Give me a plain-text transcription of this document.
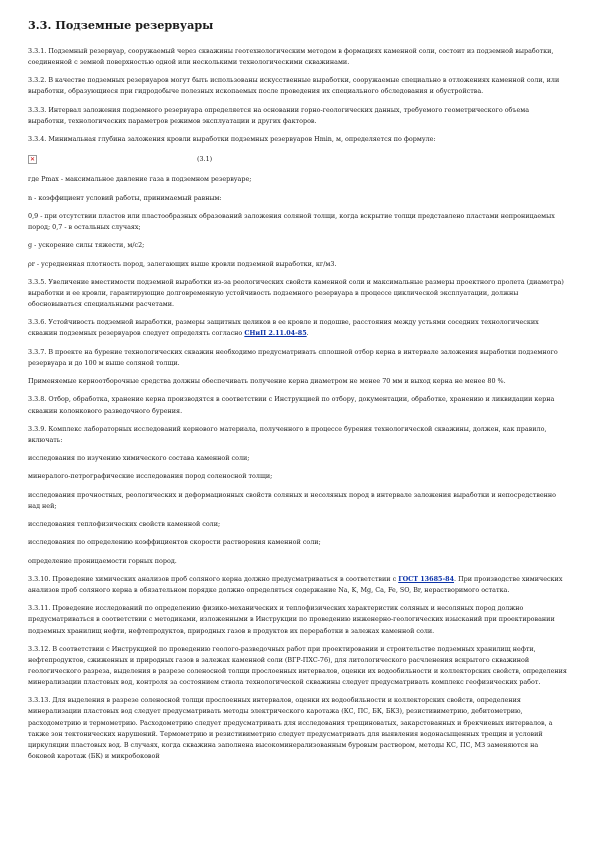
3.3. Подземные резервуары

3.3.1. Подземный резервуар, сооружаемый через скважины геотехнологическим методом в формациях каменной соли, состоит из подземной выработки, соединенной с земной поверхностью одной или несколькими технологическими скважинами.

3.3.2. В качестве подземных резервуаров могут быть использованы искусственные выработки, сооружаемые специально в отложениях каменной соли, или выработки, образующиеся при гидродобыче полезных ископаемых после проведения их специального обследования и обустройства.

3.3.3. Интервал заложения подземного резервуара определяется на основании горно-геологических данных, требуемого геометрического объема выработки, технологических параметров режимов эксплуатации и других факторов.

3.3.4. Минимальная глубина заложения кровли выработки подземных резервуаров Hmin, м, определяется по формуле:

✕	(3.1)

где Pmax - максимальное давление газа в подземном резервуаре;

n - коэффициент условий работы, принимаемый равным:

0,9 - при отсутствии пластов или пластообразных образований заложения соляной толщи, когда вскрытие толщи представлено пластами непроницаемых пород; 0,7 - в остальных случаях;

g - ускорение силы тяжести, м/с2;

ρr - усредненная плотность пород, залегающих выше кровли подземной выработки, кг/м3.

3.3.5. Увеличение вместимости подземной выработки из-за реологических свойств каменной соли и максимальные размеры проектного пролета (диаметра) выработки и ее кровли, гарантирующие долговременную устойчивость подземного резервуара в процессе циклической эксплуатации, должны обосновываться специальными расчетами.

3.3.6. Устойчивость подземной выработки, размеры защитных целиков в ее кровле и подошве, расстояния между устьями соседних технологических скважин подземных резервуаров следует определять согласно СНиП 2.11.04-85.

3.3.7. В проекте на бурение технологических скважин необходимо предусматривать сплошной отбор керна в интервале заложения выработки подземного резервуара и до 100 м выше соляной толщи.

Применяемые керноотборочные средства должны обеспечивать получение керна диаметром не менее 70 мм и выход керна не менее 80 %.

3.3.8. Отбор, обработка, хранение керна производятся в соответствии с Инструкцией по отбору, документации, обработке, хранению и ликвидации керна скважин колонкового разведочного бурения.

3.3.9. Комплекс лабораторных исследований кернового материала, полученного в процессе бурения технологической скважины, должен, как правило, включать:

исследования по изучению химического состава каменной соли;

минералого-петрографические исследования пород соленосной толщи;

исследования прочностных, реологических и деформационных свойств соляных и несоляных пород в интервале заложения выработки и непосредственно над ней;

исследования теплофизических свойств каменной соли;

исследования по определению коэффициентов скорости растворения каменной соли;

определение проницаемости горных пород.

3.3.10. Проведение химических анализов проб соляного керна должно предусматриваться в соответствии с ГОСТ 13685-84. При производстве химических анализов проб соляного керна в обязательном порядке должно определяться содержание Na, K, Mg, Ca, Fe, SO, Br, нерастворимого остатка.

3.3.11. Проведение исследований по определению физико-механических и теплофизических характеристик соляных и несоляных пород должно предусматриваться в соответствии с методиками, изложенными в Инструкции по проведению инженерно-геологических изысканий при проектировании подземных хранилищ нефти, нефтепродуктов, природных газов в продуктов их переработки в залежах каменной соли.

3.3.12. В соответствии с Инструкцией по проведению геолого-разведочных работ при проектировании и строительстве подземных хранилищ нефти, нефтепродуктов, сжиженных и природных газов в залежах каменной соли (ВГР-ПХС-76), для литологического расчленения вскрытого скважиной геологического разреза, выделения в разрезе соленосной толщи прослоенных интервалов, оценки их водообильности и коллекторских свойств, определения минерализации пластовых вод, контроля за состоянием ствола технологической скважины следует предусматривать комплекс геофизических работ.

3.3.13. Для выделения в разрезе соленосной толщи прослоенных интервалов, оценки их водообильности и коллекторских свойств, определения минерализации пластовых вод следует предусматривать методы электрического каротажа (КС, ПС, БК, БКЗ), резистивиметрию, дебитометрию, расходометрию и термометрию. Расходометрию следует предусматривать для исследования трещиноватых, закарстованных и брекчиевых интервалов, а также зон тектонических нарушений. Термометрию и резистивиметрию следует предусматривать для выявления водонасыщенных трещин и условий циркуляции пластовых вод. В случаях, когда скважина заполнена высокоминерализованным буровым раствором, методы КС, ПС, МЗ заменяются на боковой каротаж (БК) и микробоковой
